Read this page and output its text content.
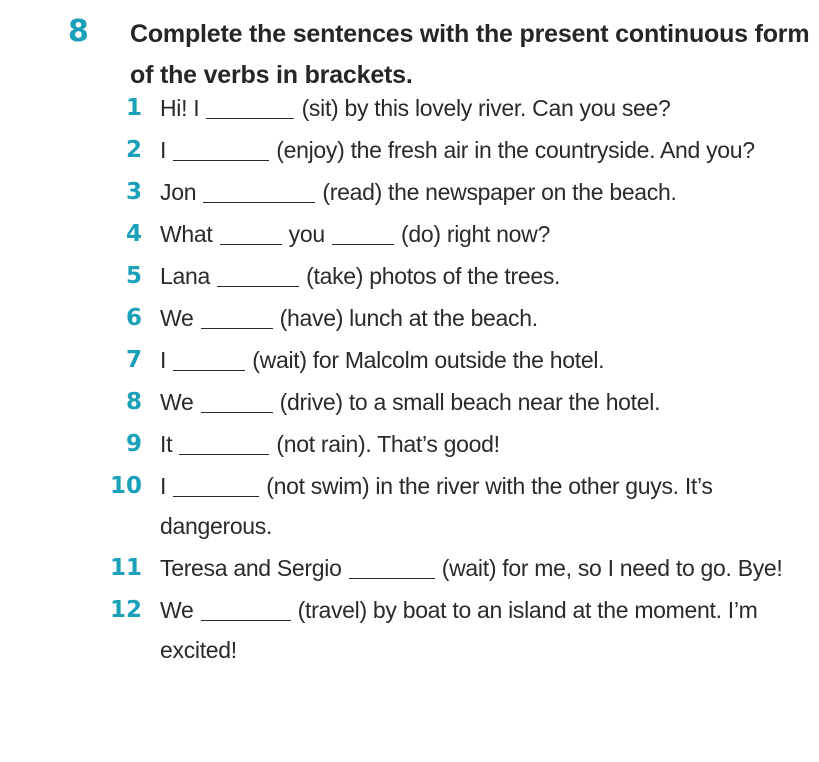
8 Complete the sentences with the present continuous form of the verbs in brackets.
1 Hi! I	(sit) by this lovely river. Can you see?
2 I	(enjoy) the fresh air in the countryside. And you?
3 Jon	(read) the newspaper on the beach.
4 What	you	(do) right now?
5 Lana	(take) photos of the trees.
6 We	(have) lunch at the beach.
7 I	(wait) for Malcolm outside the hotel.
8 We	(drive) to a small beach near the hotel.
9 It	(not rain). That’s good!
10 I	(not swim) in the river with the other guys. It’s dangerous.
11 Teresa and Sergio	(wait) for me, so I need to go. Bye!
12 We	(travel) by boat to an island at the moment. I’m excited!
